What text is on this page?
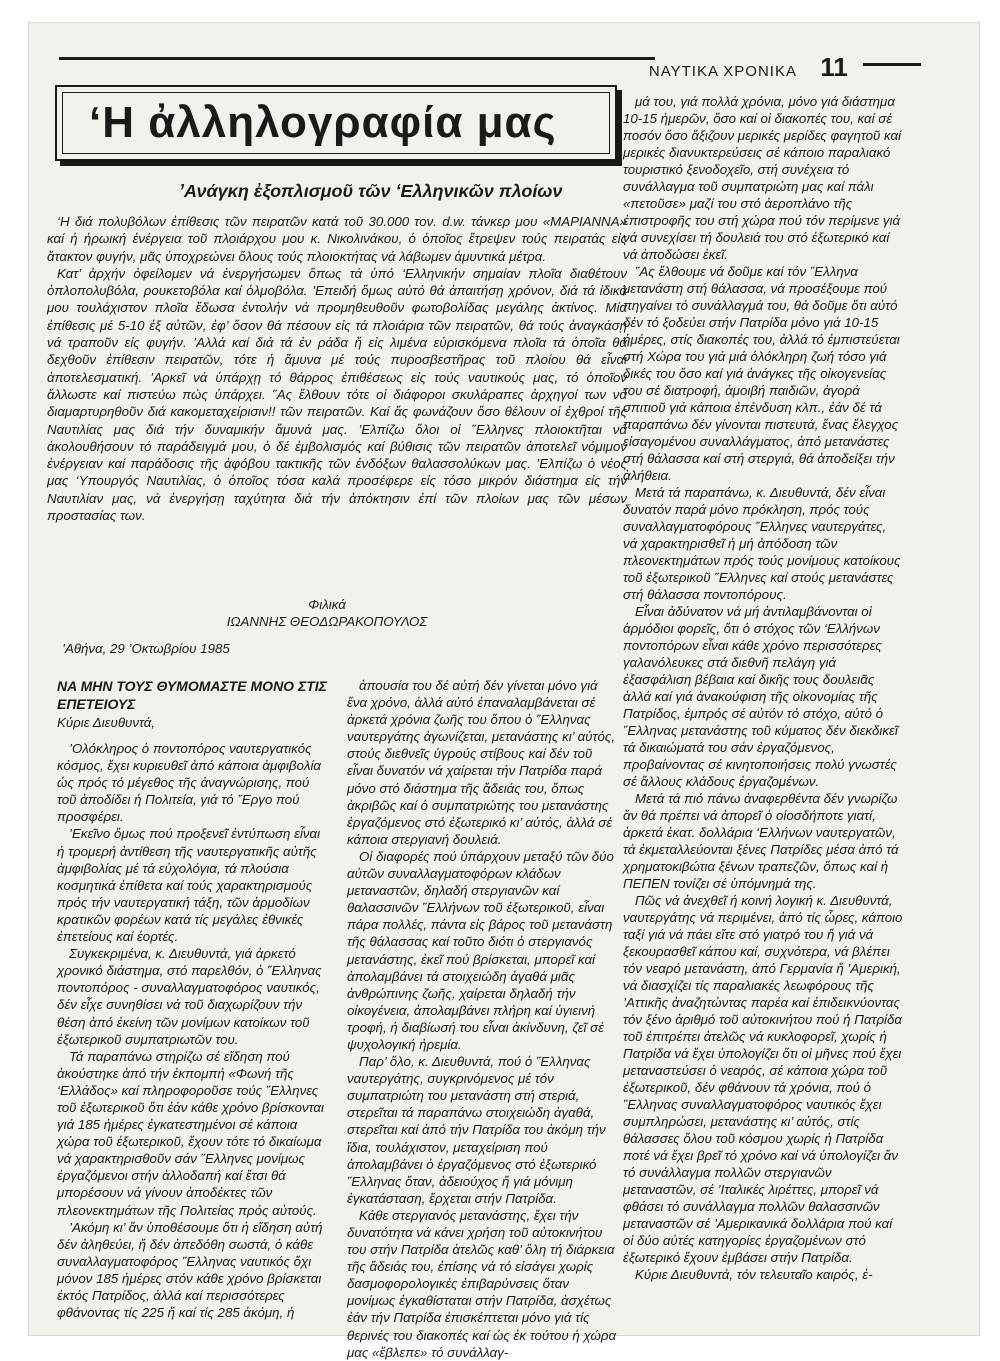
ΝΑΥΤΙΚΑ ΧΡΟΝΙΚΑ 11
‘Η ἀλληλογραφία μας
’Ανάγκη ἐξοπλισμοῦ τῶν ‘Ελληνικῶν πλοίων

‘Η διά πολυβόλων ἐπίθεσις τῶν πειρατῶν κατά τοῦ 30.000 τον. d.w. τάνκερ μου «ΜΑΡΙΑΝΝΑ» καί ἡ ἡρωική ἐνέργεια τοῦ πλοιάρχου μου κ. Νικολινάκου, ὁ ὁποῖος ἔτρεψεν τούς πειρατάς εἰς ἄτακτον φυγήν, μᾶς ὑποχρεώνει ὅλους τούς πλοιοκτήτας νά λάβωμεν ἀμυντικά μέτρα.

Κατ’ ἀρχήν ὀφείλομεν νά ἐνεργήσωμεν ὅπως τά ὑπό ‘Ελληνικήν σημαίαν πλοῖα διαθέτουν ὁπλοπολυβόλα, ρουκετοβόλα καί ὁλμοβόλα. ’Επειδή ὅμως αὐτό θά ἀπαιτήσῃ χρόνον, διά τά ἰδικά μου τουλάχιστον πλοῖα ἔδωσα ἐντολήν νά προμηθευθοῦν φωτοβολίδας μεγάλης ἀκτίνος. Μία ἐπίθεσις μέ 5-10 ἐξ αὐτῶν, ἐφ’ ὅσον θά πέσουν εἰς τά πλοιάρια τῶν πειρατῶν, θά τούς ἀναγκάσῃ νά τραποῦν εἰς φυγήν. ’Αλλά καί διά τά ἐν ράδα ἤ εἰς λιμένα εὑρισκόμενα πλοῖα τά ὁποῖα θά δεχθοῦν ἐπίθεσιν πειρατῶν, τότε ἡ ἄμυνα μέ τούς πυροσβεστῆρας τοῦ πλοίου θά εἶναι ἀποτελεσματική. ’Αρκεῖ νά ὑπάρχῃ τό θάρρος ἐπιθέσεως εἰς τούς ναυτικούς μας, τό ὁποῖον ἄλλωστε καί πιστεύω πώς ὑπάρχει. ῞Ας ἔλθουν τότε οἱ διάφοροι σκυλάραπες ἀρχηγοί των νά διαμαρτυρηθοῦν διά κακομεταχείρισιν!! τῶν πειρατῶν. Καί ἄς φωνάζουν ὅσο θέλουν οἱ ἐχθροί τῆς Ναυτιλίας μας διά τήν δυναμικήν ἄμυνά μας. ’Ελπίζω ὅλοι οἱ ῞Ελληνες πλοιοκτῆται νά ἀκολουθήσουν τό παράδειγμά μου, ὁ δέ ἐμβολισμός καί βύθισις τῶν πειρατῶν ἀποτελεῖ νόμιμον ἐνέργειαν καί παράδοσις τῆς ἀφόβου τακτικῆς τῶν ἐνδόξων θαλασσολύκων μας. ’Ελπίζω ὁ νέος μας ‘Υπουργός Ναυτιλίας, ὁ ὁποῖος τόσα καλά προσέφερε εἰς τόσο μικρόν διάστημα εἰς τήν Ναυτιλίαν μας, νά ἐνεργήσῃ ταχύτητα διά τήν ἀπόκτησιν ἐπί τῶν πλοίων μας τῶν μέσων προστασίας των.

Φιλικά
ΙΩΑΝΝΗΣ ΘΕΟΔΩΡΑΚΟΠΟΥΛΟΣ
’Αθήνα, 29 ’Οκτωβρίου 1985
ΝΑ ΜΗΝ ΤΟΥΣ ΘΥΜΟΜΑΣΤΕ ΜΟΝΟ ΣΤΙΣ ΕΠΕΤΕΙΟΥΣ
Κύριε Διευθυντά,

’Ολόκληρος ὁ ποντοπόρος ναυτεργατικός κόσμος, ἔχει κυριευθεῖ ἀπό κάποια ἀμφιβολία ὡς πρός τό μέγεθος τῆς ἀναγνώρισης, πού τοῦ ἀποδίδει ἡ Πολιτεία, γιά τό ῎Εργο πού προσφέρει.

’Εκεῖνο ὅμως πού προξενεῖ ἐντύπωση εἶναι ἡ τρομερή ἀντίθεση τῆς ναυτεργατικῆς αὐτῆς ἀμφιβολίας μέ τά εὐχολόγια, τά πλούσια κοσμητικά ἐπίθετα καί τούς χαρακτηρισμούς πρός τήν ναυτεργατική τάξη, τῶν ἁρμοδίων κρατικῶν φορέων κατά τίς μεγάλες ἐθνικές ἐπετείους καί ἑορτές.

Συγκεκριμένα, κ. Διευθυντά, γιά ἀρκετό χρονικό διάστημα, στό παρελθόν, ὁ ῞Ελληνας ποντοπόρος - συναλλαγματοφόρος ναυτικός, δέν εἶχε συνηθίσει νά τοῦ διαχωρίζουν τήν θέση ἀπό ἐκείνη τῶν μονίμων κατοίκων τοῦ ἐξωτερικοῦ συμπατριωτῶν του.

Τά παραπάνω στηρίζω σέ εἴδηση πού ἀκούστηκε ἀπό τήν ἐκπομπή «Φωνή τῆς ‘Ελλάδος» καί πληροφοροῦσε τούς ῞Ελληνες τοῦ ἐξωτερικοῦ ὅτι ἐάν κάθε χρόνο βρίσκονται γιά 185 ἡμέρες ἐγκατεστημένοι σέ κάποια χώρα τοῦ ἐξωτερικοῦ, ἔχουν τότε τό δικαίωμα νά χαρακτηρισθοῦν σάν ῞Ελληνες μονίμως ἐργαζόμενοι στήν ἀλλοδαπή καί ἔτσι θά μπορέσουν νά γίνουν ἀποδέκτες τῶν πλεονεκτημάτων τῆς Πολιτείας πρός αὐτούς.

’Ακόμη κι’ ἄν ὑποθέσουμε ὅτι ἡ εἴδηση αὐτή δέν ἀληθεύει, ἤ δέν ἀπεδόθη σωστά, ὁ κάθε συναλλαγματοφόρος ῞Ελληνας ναυτικός ὄχι μόνον 185 ἡμέρες στόν κάθε χρόνο βρίσκεται ἐκτός Πατρίδος, ἀλλά καί περισσότερες φθάνοντας τίς 225 ἤ καί τίς 285 ἀκόμη, ἡ

ἀπουσία του δέ αὐτή δέν γίνεται μόνο γιά ἕνα χρόνο, ἀλλά αὐτό ἐπαναλαμβάνεται σέ ἀρκετά χρόνια ζωῆς του ὅπου ὁ ῞Ελληνας ναυτεργάτης ἀγωνίζεται, μετανάστης κι’ αὐτός, στούς διεθνεῖς ὑγρούς στίβους καί δέν τοῦ εἶναι δυνατόν νά χαίρεται τήν Πατρίδα παρά μόνο στό διάστημα τῆς ἄδειάς του, ὅπως ἀκριβῶς καί ὁ συμπατριώτης του μετανάστης ἐργαζόμενος στό ἐξωτερικό κι’ αὐτός, ἀλλά σέ κάποια στεργιανή δουλειά.

Οἱ διαφορές πού ὑπάρχουν μεταξύ τῶν δύο αὐτῶν συναλλαγματοφόρων κλάδων μεταναστῶν, δηλαδή στεργιανῶν καί θαλασσινῶν ῞Ελλήνων τοῦ ἐξωτερικοῦ, εἶναι πάρα πολλές, πάντα εἰς βάρος τοῦ μετανάστη τῆς θάλασσας καί τοῦτο διότι ὁ στεργιανός μετανάστης, ἐκεῖ πού βρίσκεται, μπορεῖ καί ἀπολαμβάνει τά στοιχειώδη ἀγαθά μιᾶς ἀνθρώπινης ζωῆς, χαίρεται δηλαδή τήν οἰκογένεια, ἀπολαμβάνει πλήρη καί ὑγιεινή τροφή, ἡ διαβίωσή του εἶναι ἀκίνδυνη, ζεῖ σέ ψυχολογική ἠρεμία.

Παρ’ ὅλο, κ. Διευθυντά, πού ὁ ῞Ελληνας ναυτεργάτης, συγκρινόμενος μέ τόν συμπατριώτη του μετανάστη στή στεριά, στερεῖται τά παραπάνω στοιχειώδη ἀγαθά, στερεῖται καί ἀπό τήν Πατρίδα του ἀκόμη τήν ἴδια, τουλάχιστον, μεταχείριση πού ἀπολαμβάνει ὁ ἐργαζόμενος στό ἐξωτερικό ῞Ελληνας ὅταν, ἀδειούχος ἤ γιά μόνιμη ἐγκατάσταση, ἔρχεται στήν Πατρίδα.

Κάθε στεργιανός μετανάστης, ἔχει τήν δυνατότητα νά κάνει χρήση τοῦ αὐτοκινήτου του στήν Πατρίδα ἀτελῶς καθ’ ὅλη τή διάρκεια τῆς ἄδειάς του, ἐπίσης νά τό εἰσάγει χωρίς δασμοφορολογικές ἐπιβαρύνσεις ὅταν μονίμως ἐγκαθίσταται στήν Πατρίδα, ἀσχέτως ἐάν τήν Πατρίδα ἐπισκέπτεται μόνο γιά τίς θερινές του διακοπές καί ὡς ἐκ τούτου ἡ χώρα μας «ἔβλεπε» τό συνάλλαγ-

μά του, γιά πολλά χρόνια, μόνο γιά διάστημα 10-15 ἡμερῶν, ὅσο καί οἱ διακοπές του, καί σέ ποσόν ὅσο ἄξιζουν μερικές μερίδες φαγητοῦ καί μερικές διανυκτερεύσεις σέ κάποιο παραλιακό τουριστικό ξενοδοχεῖο, στή συνέχεια τό συνάλλαγμα τοῦ συμπατριώτη μας καί πάλι «πετοῦσε» μαζί του στό ἀεροπλάνο τῆς ἐπιστροφῆς του στή χώρα πού τόν περίμενε γιά νά συνεχίσει τή δουλειά του στό ἐξωτερικό καί νά ἀποδώσει ἐκεῖ.

῞Ας ἔλθουμε νά δοῦμε καί τόν ῞Ελληνα μετανάστη στή θάλασσα, νά προσέξουμε πού πηγαίνει τό συνάλλαγμά του, θά δοῦμε ὅτι αὐτό δέν τό ξοδεύει στήν Πατρίδα μόνο γιά 10-15 ἡμέρες, στίς διακοπές του, ἀλλά τό ἐμπιστεύεται στή Χώρα του γιά μιά ὁλόκληρη ζωή τόσο γιά δικές του ὅσο καί γιά ἀνάγκες τῆς οἰκογενείας του σέ διατροφή, ἀμοιβή παιδιῶν, ἀγορά σπιτιοῦ γιά κάποια ἐπένδυση κλπ., ἐάν δέ τά παραπάνω δέν γίνονται πιστευτά, ἕνας ἔλεγχος εἰσαγομένου συναλλάγματος, ἀπό μετανάστες στή θάλασσα καί στή στεργιά, θά ἀποδείξει τήν ἀλήθεια.

Μετά τά παραπάνω, κ. Διευθυντά, δέν εἶναι δυνατόν παρά μόνο πρόκληση, πρός τούς συναλλαγματοφόρους ῞Ελληνες ναυτεργάτες, νά χαρακτηρισθεῖ ἡ μή ἀπόδοση τῶν πλεονεκτημάτων πρός τούς μονίμους κατοίκους τοῦ ἐξωτερικοῦ ῞Ελληνες καί στούς μετανάστες στή θάλασσα ποντοπόρους.

Εἶναι ἀδύνατον νά μή ἀντιλαμβάνονται οἱ ἁρμόδιοι φορεῖς, ὅτι ὁ στόχος τῶν ‘Ελλήνων ποντοπόρων εἶναι κάθε χρόνο περισσότερες γαλανόλευκες στά διεθνῆ πελάγη γιά ἐξασφάλιση βέβαια καί δικῆς τους δουλειᾶς ἀλλά καί γιά ἀνακούφιση τῆς οἰκονομίας τῆς Πατρίδος, ἐμπρός σέ αὐτόν τό στόχο, αὐτό ὁ ῞Ελληνας μετανάστης τοῦ κύματος δέν διεκδικεῖ τά δικαιώματά του σάν ἐργαζόμενος, προβαίνοντας σέ κινητοποιήσεις πολύ γνωστές σέ ἄλλους κλάδους ἐργαζομένων.

Μετά τά πιό πάνω ἀναφερθέντα δέν γνωρίζω ἄν θά πρέπει νά ἀπορεῖ ὁ οἱοσδήποτε γιατί, ἀρκετά ἑκατ. δολλάρια ‘Ελλήνων ναυτεργατῶν, τά ἐκμεταλλεύονται ξένες Πατρίδες μέσα ἀπό τά χρηματοκιβώτια ξένων τραπεζῶν, ὅπως καί ἡ ΠΕΠΕΝ τονίζει σέ ὑπόμνημά της.

Πῶς νά ἀνεχθεῖ ἡ κοινή λογική κ. Διευθυντά, ναυτεργάτης νά περιμένει, ἀπό τίς ὧρες, κάποιο ταξί γιά νά πάει εἴτε στό γιατρό του ἤ γιά νά ξεκουρασθεῖ κάπου καί, συχνότερα, νά βλέπει τόν νεαρό μετανάστη, ἀπό Γερμανία ἤ ’Αμερική, νά διασχίζει τίς παραλιακές λεωφόρους τῆς ’Αττικῆς ἀναζητώντας παρέα καί ἐπιδεικνύοντας τόν ξένο ἀριθμό τοῦ αὐτοκινήτου πού ἡ Πατρίδα τοῦ ἐπιτρέπει ἀτελῶς νά κυκλοφορεῖ, χωρίς ἡ Πατρίδα νά ἔχει ὑπολογίζει ὅτι οἱ μῆνες πού ἔχει μεταναστεύσει ὁ νεαρός, σέ κάποια χώρα τοῦ ἐξωτερικοῦ, δέν φθάνουν τά χρόνια, πού ὁ ῞Ελληνας συναλλαγματοφόρος ναυτικός ἔχει συμπληρώσει, μετανάστης κι’ αὐτός, στίς θάλασσες ὅλου τοῦ κόσμου χωρίς ἡ Πατρίδα ποτέ νά ἔχει βρεῖ τό χρόνο καί νά ὑπολογίζει ἄν τό συνάλλαγμα πολλῶν στεργιανῶν μεταναστῶν, σέ ’Ιταλικές λιρέττες, μπορεῖ νά φθάσει τό συνάλλαγμα πολλῶν θαλασσινῶν μεταναστῶν σέ ’Αμερικανικά δολλάρια πού καί οἱ δύο αὐτές κατηγορίες ἐργαζομένων στό ἐξωτερικό ἔχουν ἐμβάσει στήν Πατρίδα.

Κύριε Διευθυντά, τόν τελευταῖο καιρός, ἐ-
